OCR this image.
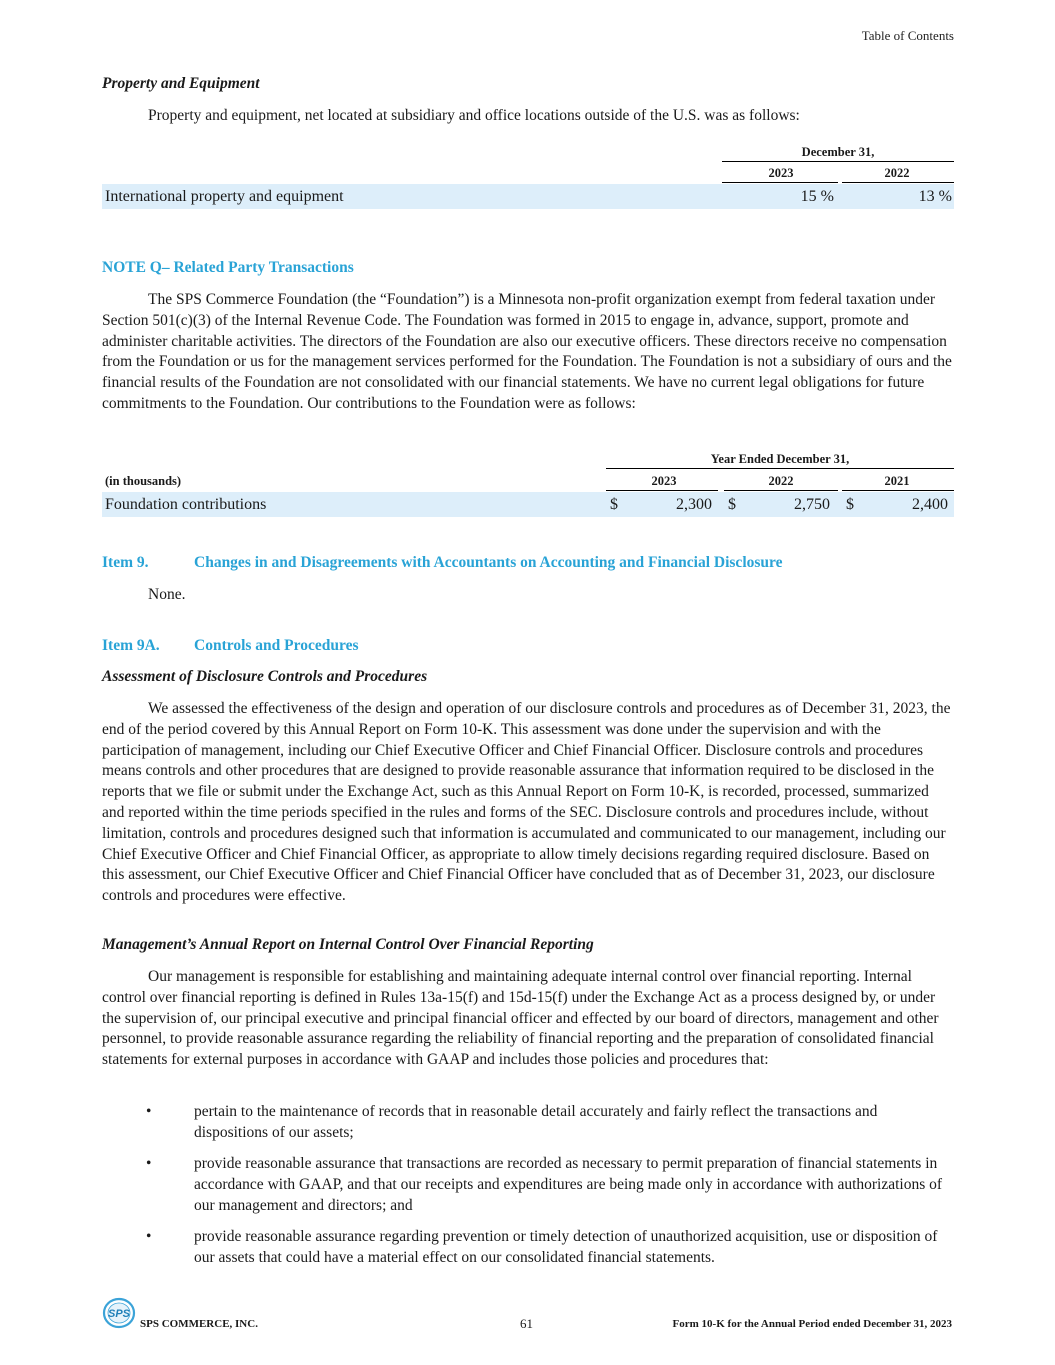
Table of Contents

Property and Equipment

Property and equipment, net located at subsidiary and office locations outside of the U.S. was as follows:

December 31,
2023	2022
International property and equipment	15 %	13 %

NOTE Q– Related Party Transactions

The SPS Commerce Foundation (the “Foundation”) is a Minnesota non-profit organization exempt from federal taxation under Section 501(c)(3) of the Internal Revenue Code. The Foundation was formed in 2015 to engage in, advance, support, promote and administer charitable activities. The directors of the Foundation are also our executive officers. These directors receive no compensation from the Foundation or us for the management services performed for the Foundation. The Foundation is not a subsidiary of ours and the financial results of the Foundation are not consolidated with our financial statements. We have no current legal obligations for future commitments to the Foundation. Our contributions to the Foundation were as follows:

Year Ended December 31,
(in thousands)	2023	2022	2021
Foundation contributions	$	2,300 $	2,750 $	2,400
Item 9.	Changes in and Disagreements with Accountants on Accounting and Financial Disclosure

None.

Item 9A.	Controls and Procedures

Assessment of Disclosure Controls and Procedures

We assessed the effectiveness of the design and operation of our disclosure controls and procedures as of December 31, 2023, the end of the period covered by this Annual Report on Form 10-K. This assessment was done under the supervision and with the participation of management, including our Chief Executive Officer and Chief Financial Officer. Disclosure controls and procedures means controls and other procedures that are designed to provide reasonable assurance that information required to be disclosed in the reports that we file or submit under the Exchange Act, such as this Annual Report on Form 10-K, is recorded, processed, summarized and reported within the time periods specified in the rules and forms of the SEC. Disclosure controls and procedures include, without limitation, controls and procedures designed such that information is accumulated and communicated to our management, including our Chief Executive Officer and Chief Financial Officer, as appropriate to allow timely decisions regarding required disclosure. Based on this assessment, our Chief Executive Officer and Chief Financial Officer have concluded that as of December 31, 2023, our disclosure controls and procedures were effective.

Management’s Annual Report on Internal Control Over Financial Reporting

Our management is responsible for establishing and maintaining adequate internal control over financial reporting. Internal control over financial reporting is defined in Rules 13a-15(f) and 15d-15(f) under the Exchange Act as a process designed by, or under the supervision of, our principal executive and principal financial officer and effected by our board of directors, management and other personnel, to provide reasonable assurance regarding the reliability of financial reporting and the preparation of consolidated financial statements for external purposes in accordance with GAAP and includes those policies and procedures that:

•	pertain to the maintenance of records that in reasonable detail accurately and fairly reflect the transactions and dispositions of our assets;
•	provide reasonable assurance that transactions are recorded as necessary to permit preparation of financial statements in accordance with GAAP, and that our receipts and expenditures are being made only in accordance with authorizations of our management and directors; and
•	provide reasonable assurance regarding prevention or timely detection of unauthorized acquisition, use or disposition of our assets that could have a material effect on our consolidated financial statements.
SPS
SPS COMMERCE, INC.	61	Form 10-K for the Annual Period ended December 31, 2023
